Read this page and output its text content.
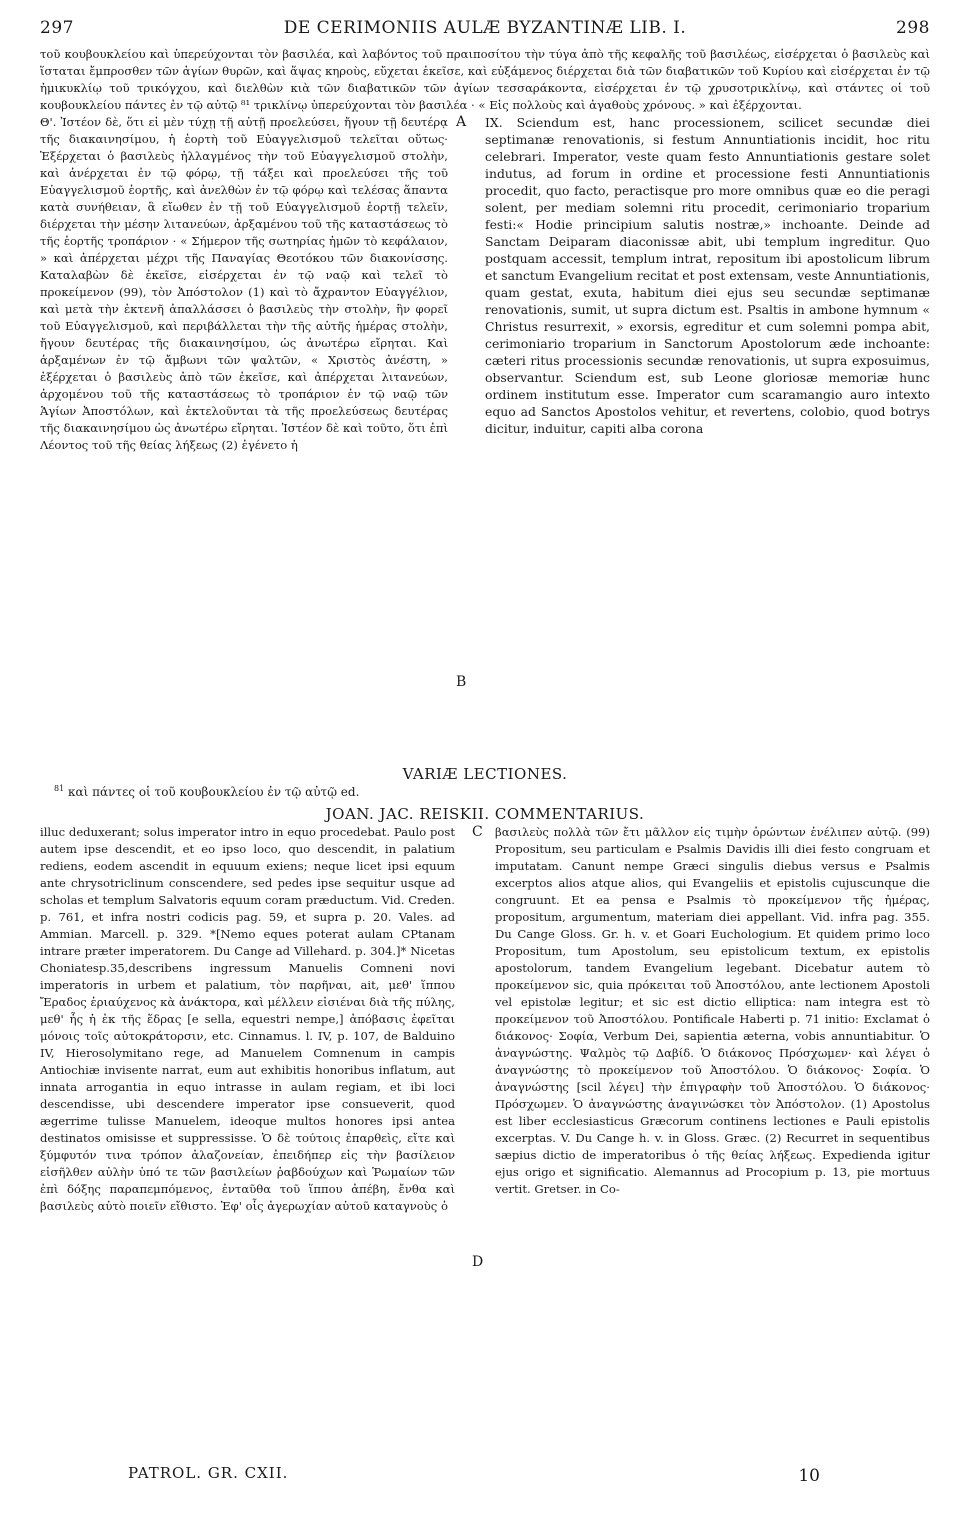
297	DE CERIMONIIS AULÆ BYZANTINÆ LIB. I.	298
τοῦ κουβουκλείου καὶ ὑπερεύχονται τὸν βασιλέα, καὶ λαβόντος τοῦ πραιποσίτου τὴν τύγα ἀπὸ τῆς κεφαλῆς τοῦ βασιλέως, εἰσέρχεται ὁ βασιλεὺς καὶ ἵσταται ἔμπροσθεν τῶν ἁγίων θυρῶν, καὶ ἅψας κηροὺς, εὔχεται ἐκεῖσε, καὶ εὐξάμενος διέρχεται διὰ τῶν διαβατικῶν τοῦ Κυρίου καὶ εἰσέρχεται ἐν τῷ ἡμικυκλίῳ τοῦ τρικόγχου, καὶ διελθὼν κιὰ τῶν διαβατικῶν τῶν ἁγίων τεσσαράκοντα, εἰσέρχεται ἐν τῷ χρυσοτρικλίνῳ, καὶ στάντες οἱ τοῦ κουβουκλείου πάντες ἐν τῷ αὐτῷ ⁸¹ τρικλίνῳ ὑπερεύχονται τὸν βασιλέα · « Εἰς πολλοὺς καὶ ἀγαθοὺς χρόνους. » καὶ ἐξέρχονται.
Θ'. Ἰστέον δὲ, ὅτι εἰ μὲν τύχῃ τῇ αὐτῇ προελεύσει, ἤγουν τῇ δευτέρᾳ τῆς διακαινησίμου, ἡ ἑορτὴ τοῦ Εὐαγγελισμοῦ τελεῖται οὕτως· Ἐξέρχεται ὁ βασιλεὺς ἠλλαγμένος τὴν τοῦ Εὐαγγελισμοῦ στολὴν, καὶ ἀνέρχεται ἐν τῷ φόρῳ, τῇ τάξει καὶ προελεύσει τῆς τοῦ Εὐαγγελισμοῦ ἑορτῆς, καὶ ἀνελθὼν ἐν τῷ φόρῳ καὶ τελέσας ἅπαντα κατὰ συνήθειαν, ἃ εἴωθεν ἐν τῇ τοῦ Εὐαγγελισμοῦ ἑορτῇ τελεῖν, διέρχεται τὴν μέσην λιτανεύων, ἀρξαμένου τοῦ τῆς καταστάσεως τὸ τῆς ἑορτῆς τροπάριον · « Σήμερον τῆς σωτηρίας ἡμῶν τὸ κεφάλαιον, » καὶ ἀπέρχεται μέχρι τῆς Παναγίας Θεοτόκου τῶν διακονίσσης. Καταλαβὼν δὲ ἐκεῖσε, εἰσέρχεται ἐν τῷ ναῷ καὶ τελεῖ τὸ προκείμενον (99), τὸν Ἀπόστολον (1) καὶ τὸ ἄχραντον Εὐαγγέλιον, καὶ μετὰ τὴν ἐκτενῆ ἀπαλλάσσει ὁ βασιλεὺς τὴν στολὴν, ἣν φορεῖ τοῦ Εὐαγγελισμοῦ, καὶ περιβάλλεται τὴν τῆς αὐτῆς ἡμέρας στολὴν, ἤγουν δευτέρας τῆς διακαινησίμου, ὡς ἀνωτέρω εἴρηται. Καὶ ἀρξαμένων ἐν τῷ ἄμβωνι τῶν ψαλτῶν, « Χριστὸς ἀνέστη, » ἐξέρχεται ὁ βασιλεὺς ἀπὸ τῶν ἐκεῖσε, καὶ ἀπέρχεται λιτανεύων, ἀρχομένου τοῦ τῆς καταστάσεως τὸ τροπάριον ἐν τῷ ναῷ τῶν Ἁγίων Ἀποστόλων, καὶ ἐκτελοῦνται τὰ τῆς προελεύσεως δευτέρας τῆς διακαινησίμου ὡς ἀνωτέρω εἴρηται. Ἰστέον δὲ καὶ τοῦτο, ὅτι ἐπὶ Λέοντος τοῦ τῆς θείας λήξεως (2) ἐγένετο ἡ
A
B
IX. Sciendum est, hanc processionem, scilicet secundæ diei septimanæ renovationis, si festum Annuntiationis incidit, hoc ritu celebrari. Imperator, veste quam festo Annuntiationis gestare solet indutus, ad forum in ordine et processione festi Annuntiationis procedit, quo facto, peractisque pro more omnibus quæ eo die peragi solent, per mediam solemni ritu procedit, cerimoniario troparium festi:« Hodie principium salutis nostræ,» inchoante. Deinde ad Sanctam Deiparam diaconissæ abit, ubi templum ingreditur. Quo postquam accessit, templum intrat, repositum ibi apostolicum librum et sanctum Evangelium recitat et post extensam, veste Annuntiationis, quam gestat, exuta, habitum diei ejus seu secundæ septimanæ renovationis, sumit, ut supra dictum est. Psaltis in ambone hymnum « Christus resurrexit, » exorsis, egreditur et cum solemni pompa abit, cerimoniario troparium in Sanctorum Apostolorum æde inchoante: cæteri ritus processionis secundæ renovationis, ut supra exposuimus, observantur. Sciendum est, sub Leone gloriosæ memoriæ hunc ordinem institutum esse. Imperator cum scaramangio auro intexto equo ad Sanctos Apostolos vehitur, et revertens, colobio, quod botrys dicitur, induitur, capiti alba corona
VARIÆ LECTIONES.
$^{81}$ καὶ πάντες οἱ τοῦ κουβουκλείου ἐν τῷ αὐτῷ ed.
JOAN. JAC. REISKII. COMMENTARIUS.
illuc deduxerant; solus imperator intro in equo procedebat. Paulo post autem ipse descendit, et eo ipso loco, quo descendit, in palatium rediens, eodem ascendit in equuum exiens; neque licet ipsi equum ante chrysotriclinum conscendere, sed pedes ipse sequitur usque ad scholas et templum Salvatoris equum coram præductum. Vid. Creden. p. 761, et infra nostri codicis pag. 59, et supra p. 20. Vales. ad Ammian. Marcell. p. 329. *[Nemo eques poterat aulam CPtanam intrare præter imperatorem. Du Cange ad Villehard. p. 304.]* Nicetas Choniatesp.35,describens ingressum Manuelis Comneni novi imperatoris in urbem et palatium, τὸν παρῆναι, ait, μεθ' ἵππου Ἔραδος ἐριαύχενος κὰ ἀνάκτορα, καὶ μέλλειν εἰσιέναι διὰ τῆς πύλης, μεθ' ἧς ἡ ἐκ τῆς ἕδρας [e sella, equestri nempe,] ἀπόβασις ἐφεῖται μόνοις τοῖς αὐτοκράτορσιν, etc. Cinnamus. l. IV, p. 107, de Balduino IV, Hierosolymitano rege, ad Manuelem Comnenum in campis Antiochiæ invisente narrat, eum aut exhibitis honoribus inflatum, aut innata arrogantia in equo intrasse in aulam regiam, et ibi loci descendisse, ubi descendere imperator ipse consueverit, quod ægerrime tulisse Manuelem, ideoque multos honores ipsi antea destinatos omisisse et suppressisse. Ὁ δὲ τούτοις ἐπαρθεὶς, εἴτε καὶ ξύμφυτόν τινα τρόπον ἀλαζονείαν, ἐπειδήπερ εἰς τὴν βασίλειον εἰσῆλθεν αὐλὴν ὑπό τε τῶν βασιλείων ῥαβδούχων καὶ Ῥωμαίων τῶν ἐπὶ δόξης παραπεμπόμενος, ἐνταῦθα τοῦ ἵππου ἀπέβη, ἔνθα καὶ βασιλεὺς αὐτὸ ποιεῖν εἴθιστο. Ἐφ' οἷς ἀγερωχίαν αὐτοῦ καταγνοὺς ὁ
C
D
βασιλεὺς πολλὰ τῶν ἔτι μᾶλλον εἰς τιμὴν ὁρώντων ἐνέλιπεν αὐτῷ. (99) Propositum, seu particulam e Psalmis Davidis illi diei festo congruam et imputatam. Canunt nempe Græci singulis diebus versus e Psalmis excerptos alios atque alios, qui Evangeliis et epistolis cujuscunque die congruunt. Et ea pensa e Psalmis τὸ προκείμενον τῆς ἡμέρας, propositum, argumentum, materiam diei appellant. Vid. infra pag. 355. Du Cange Gloss. Gr. h. v. et Goari Euchologium. Et quidem primo loco Propositum, tum Apostolum, seu epistolicum textum, ex epistolis apostolorum, tandem Evangelium legebant. Dicebatur autem τὸ προκείμενον sic, quia πρόκειται τοῦ Ἀποστόλου, ante lectionem Apostoli vel epistolæ legitur; et sic est dictio elliptica: nam integra est τὸ προκείμενον τοῦ Ἀποστόλου. Pontificale Haberti p. 71 initio: Exclamat ὁ διάκονος· Σοφία, Verbum Dei, sapientia æterna, vobis annuntiabitur. Ὁ ἀναγνώστης. Ψαλμὸς τῷ Δαβίδ. Ὁ διάκονος Πρόσχωμεν· καὶ λέγει ὁ ἀναγνώστης τὸ προκείμενον τοῦ Ἀποστόλου. Ὁ διάκονος· Σοφία. Ὁ ἀναγνώστης [scil λέγει] τὴν ἐπιγραφὴν τοῦ Ἀποστόλου. Ὁ διάκονος· Πρόσχωμεν. Ὁ ἀναγνώστης ἀναγινώσκει τὸν Ἀπόστολον. (1) Apostolus est liber ecclesiasticus Græcorum continens lectiones e Pauli epistolis excerptas. V. Du Cange h. v. in Gloss. Græc. (2) Recurret in sequentibus sæpius dictio de imperatoribus ὁ τῆς θείας λήξεως. Expedienda igitur ejus origo et significatio. Alemannus ad Procopium p. 13, pie mortuus vertit. Gretser. in Co-
PATROL. GR. CXII.	10
